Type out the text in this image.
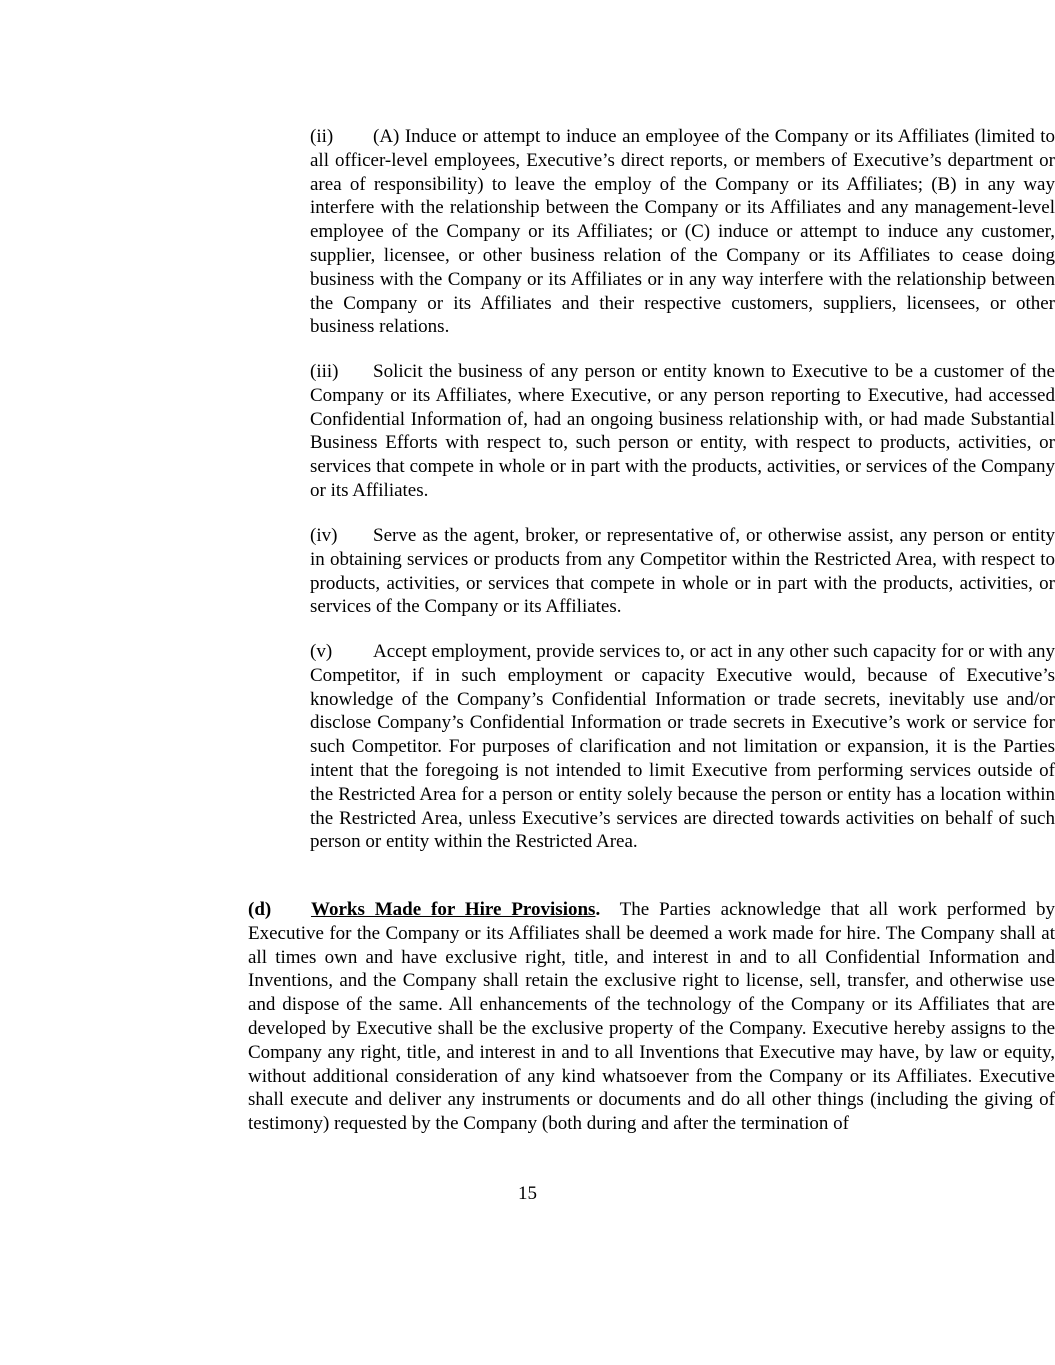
(ii) (A) Induce or attempt to induce an employee of the Company or its Affiliates (limited to all officer-level employees, Executive’s direct reports, or members of Executive’s department or area of responsibility) to leave the employ of the Company or its Affiliates; (B) in any way interfere with the relationship between the Company or its Affiliates and any management-level employee of the Company or its Affiliates; or (C) induce or attempt to induce any customer, supplier, licensee, or other business relation of the Company or its Affiliates to cease doing business with the Company or its Affiliates or in any way interfere with the relationship between the Company or its Affiliates and their respective customers, suppliers, licensees, or other business relations.

(iii) Solicit the business of any person or entity known to Executive to be a customer of the Company or its Affiliates, where Executive, or any person reporting to Executive, had accessed Confidential Information of, had an ongoing business relationship with, or had made Substantial Business Efforts with respect to, such person or entity, with respect to products, activities, or services that compete in whole or in part with the products, activities, or services of the Company or its Affiliates.

(iv) Serve as the agent, broker, or representative of, or otherwise assist, any person or entity in obtaining services or products from any Competitor within the Restricted Area, with respect to products, activities, or services that compete in whole or in part with the products, activities, or services of the Company or its Affiliates.

(v) Accept employment, provide services to, or act in any other such capacity for or with any Competitor, if in such employment or capacity Executive would, because of Executive’s knowledge of the Company’s Confidential Information or trade secrets, inevitably use and/or disclose Company’s Confidential Information or trade secrets in Executive’s work or service for such Competitor. For purposes of clarification and not limitation or expansion, it is the Parties intent that the foregoing is not intended to limit Executive from performing services outside of the Restricted Area for a person or entity solely because the person or entity has a location within the Restricted Area, unless Executive’s services are directed towards activities on behalf of such person or entity within the Restricted Area.

(d) Works Made for Hire Provisions. The Parties acknowledge that all work performed by Executive for the Company or its Affiliates shall be deemed a work made for hire. The Company shall at all times own and have exclusive right, title, and interest in and to all Confidential Information and Inventions, and the Company shall retain the exclusive right to license, sell, transfer, and otherwise use and dispose of the same. All enhancements of the technology of the Company or its Affiliates that are developed by Executive shall be the exclusive property of the Company. Executive hereby assigns to the Company any right, title, and interest in and to all Inventions that Executive may have, by law or equity, without additional consideration of any kind whatsoever from the Company or its Affiliates. Executive shall execute and deliver any instruments or documents and do all other things (including the giving of testimony) requested by the Company (both during and after the termination of

15
